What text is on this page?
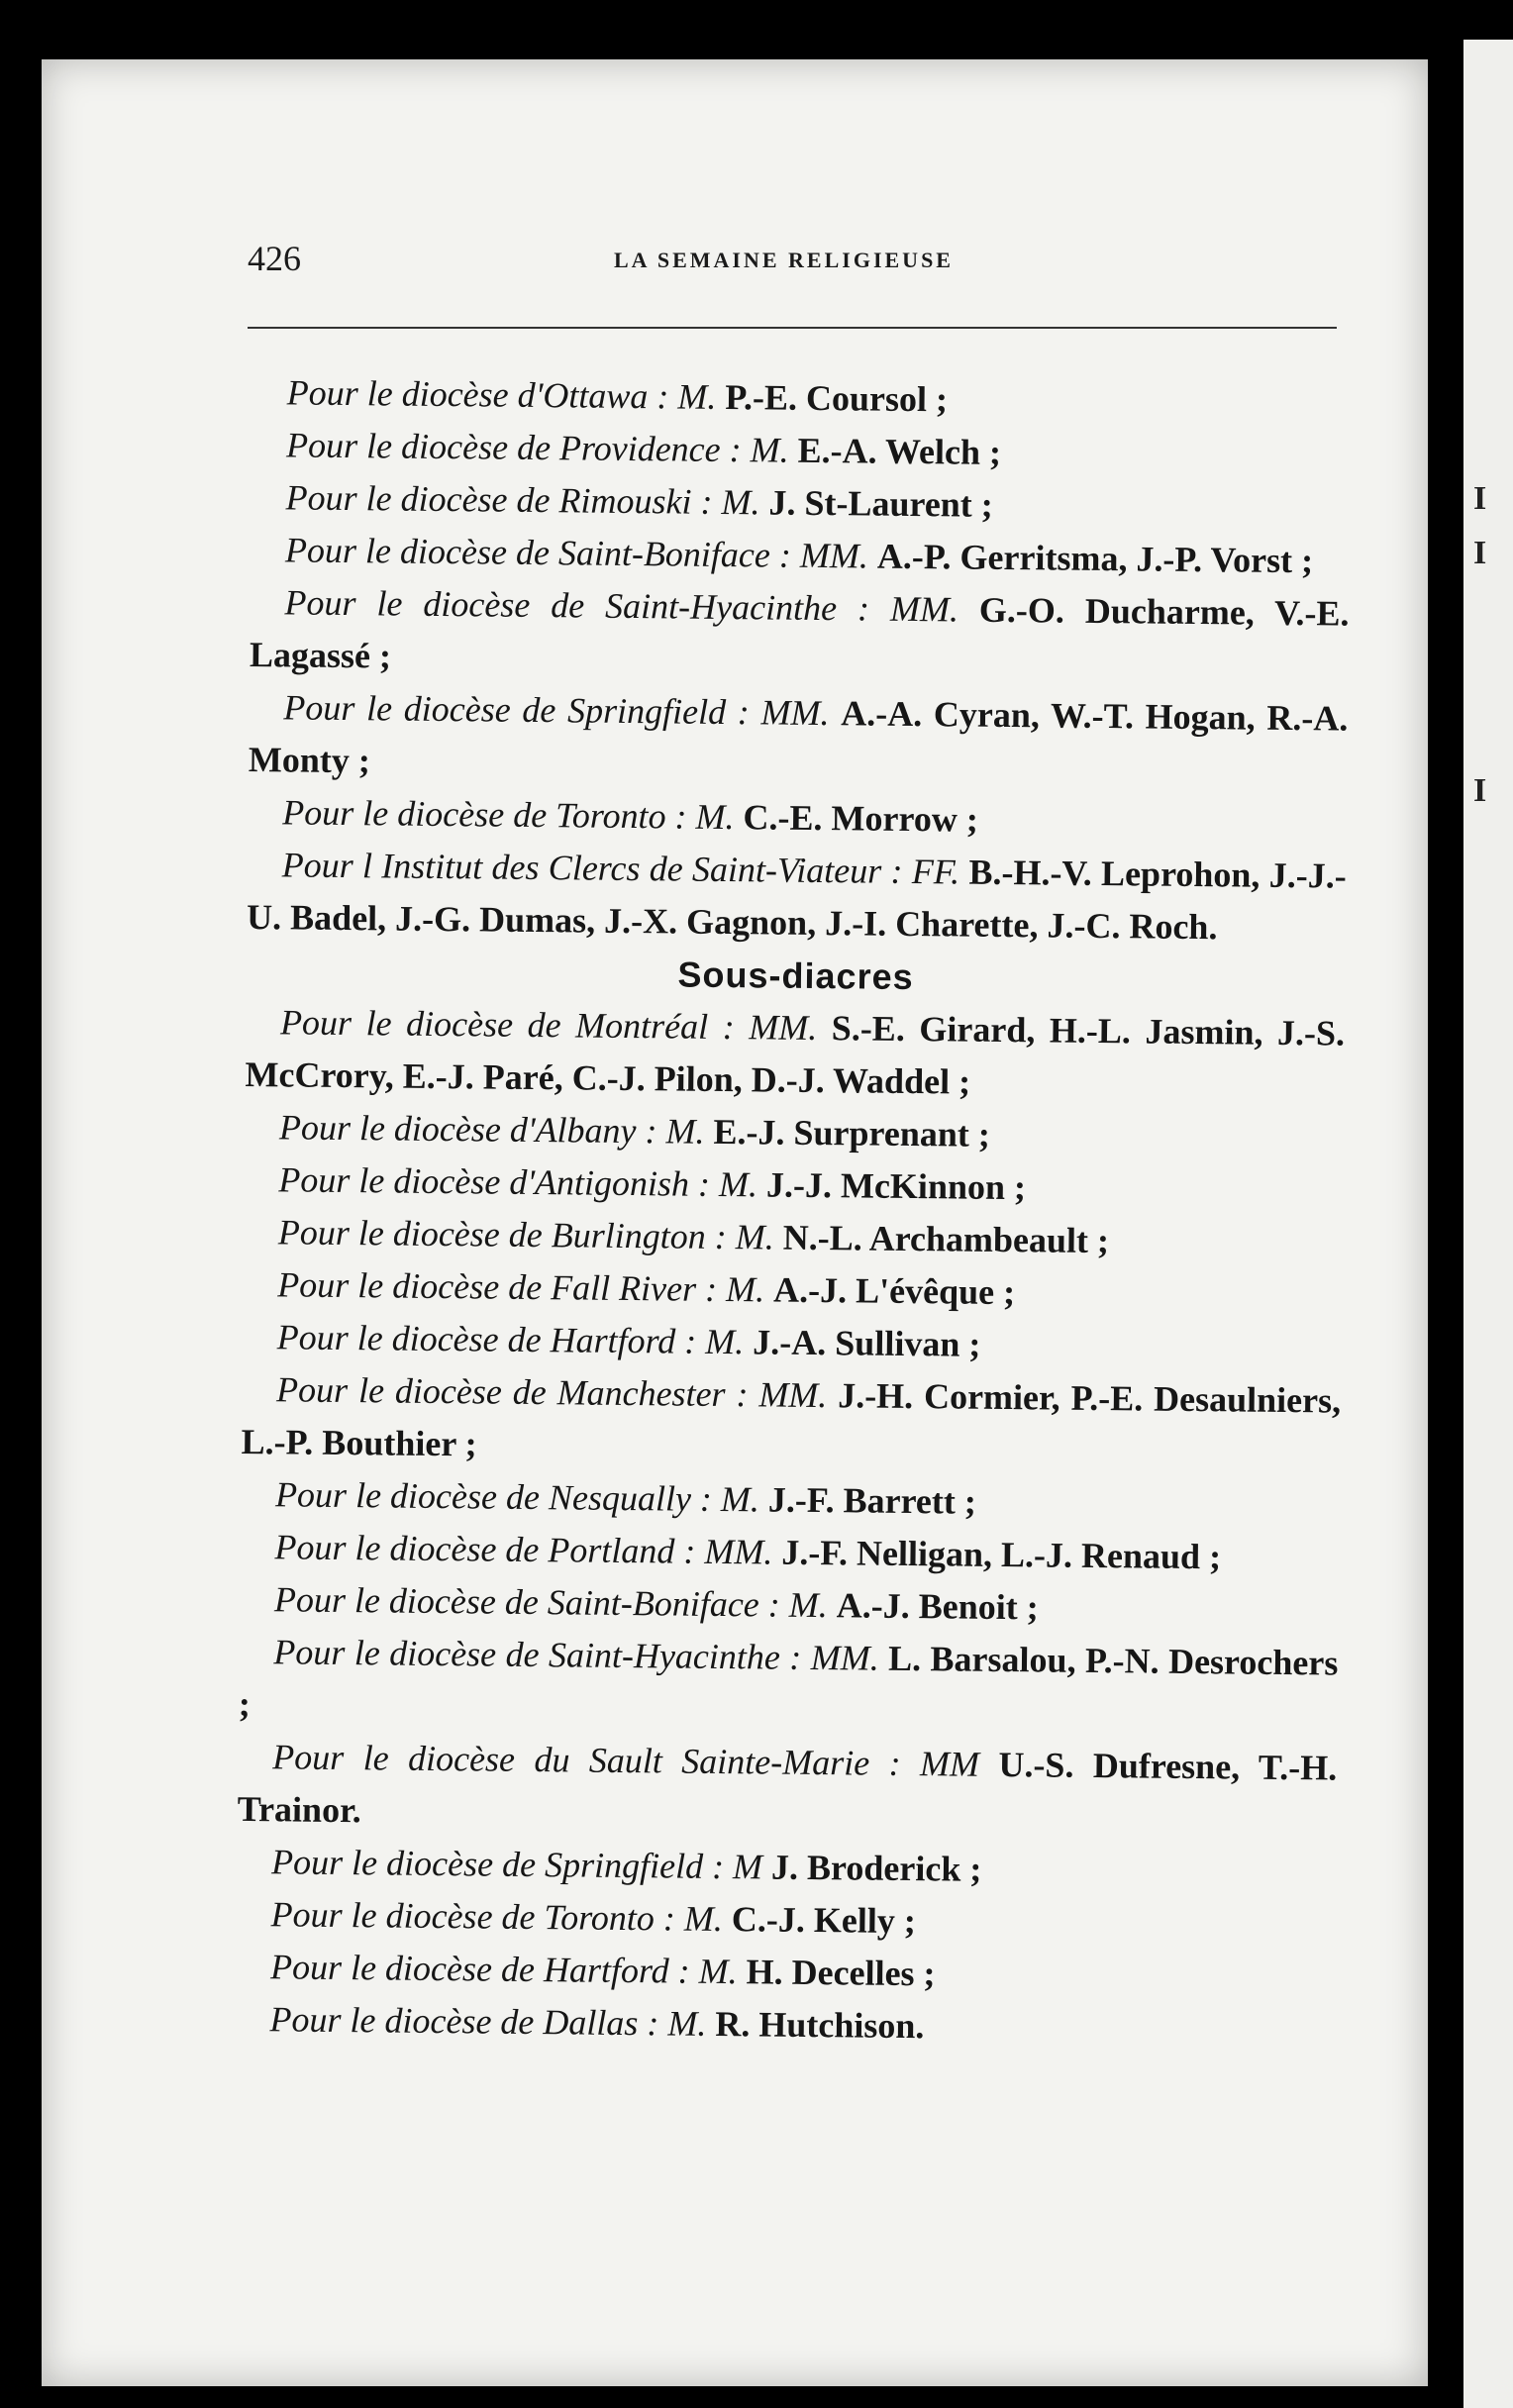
I
I
I
426	LA SEMAINE RELIGIEUSE

Pour le diocèse d'Ottawa : M. P.-E. Coursol ;

Pour le diocèse de Providence : M. E.-A. Welch ;

Pour le diocèse de Rimouski : M. J. St-Laurent ;

Pour le diocèse de Saint-Boniface : MM. A.-P. Gerritsma, J.-P. Vorst ;

Pour le diocèse de Saint-Hyacinthe : MM. G.-O. Ducharme, V.-E. Lagassé ;

Pour le diocèse de Springfield : MM. A.-A. Cyran, W.-T. Hogan, R.-A. Monty ;

Pour le diocèse de Toronto : M. C.-E. Morrow ;

Pour l Institut des Clercs de Saint-Viateur : FF. B.-H.-V. Leprohon, J.-J.-U. Badel, J.-G. Dumas, J.-X. Gagnon, J.-I. Charette, J.-C. Roch.

Sous-diacres

Pour le diocèse de Montréal : MM. S.-E. Girard, H.-L. Jasmin, J.-S. McCrory, E.-J. Paré, C.-J. Pilon, D.-J. Waddel ;

Pour le diocèse d'Albany : M. E.-J. Surprenant ;

Pour le diocèse d'Antigonish : M. J.-J. McKinnon ;

Pour le diocèse de Burlington : M. N.-L. Archambeault ;

Pour le diocèse de Fall River : M. A.-J. L'évêque ;

Pour le diocèse de Hartford : M. J.-A. Sullivan ;

Pour le diocèse de Manchester : MM. J.-H. Cormier, P.-E. Desaulniers, L.-P. Bouthier ;

Pour le diocèse de Nesqually : M. J.-F. Barrett ;

Pour le diocèse de Portland : MM. J.-F. Nelligan, L.-J. Renaud ;

Pour le diocèse de Saint-Boniface : M. A.-J. Benoit ;

Pour le diocèse de Saint-Hyacinthe : MM. L. Barsalou, P.-N. Desrochers ;

Pour le diocèse du Sault Sainte-Marie : MM U.-S. Dufresne, T.-H. Trainor.

Pour le diocèse de Springfield : M J. Broderick ;

Pour le diocèse de Toronto : M. C.-J. Kelly ;

Pour le diocèse de Hartford : M. H. Decelles ;

Pour le diocèse de Dallas : M. R. Hutchison.
